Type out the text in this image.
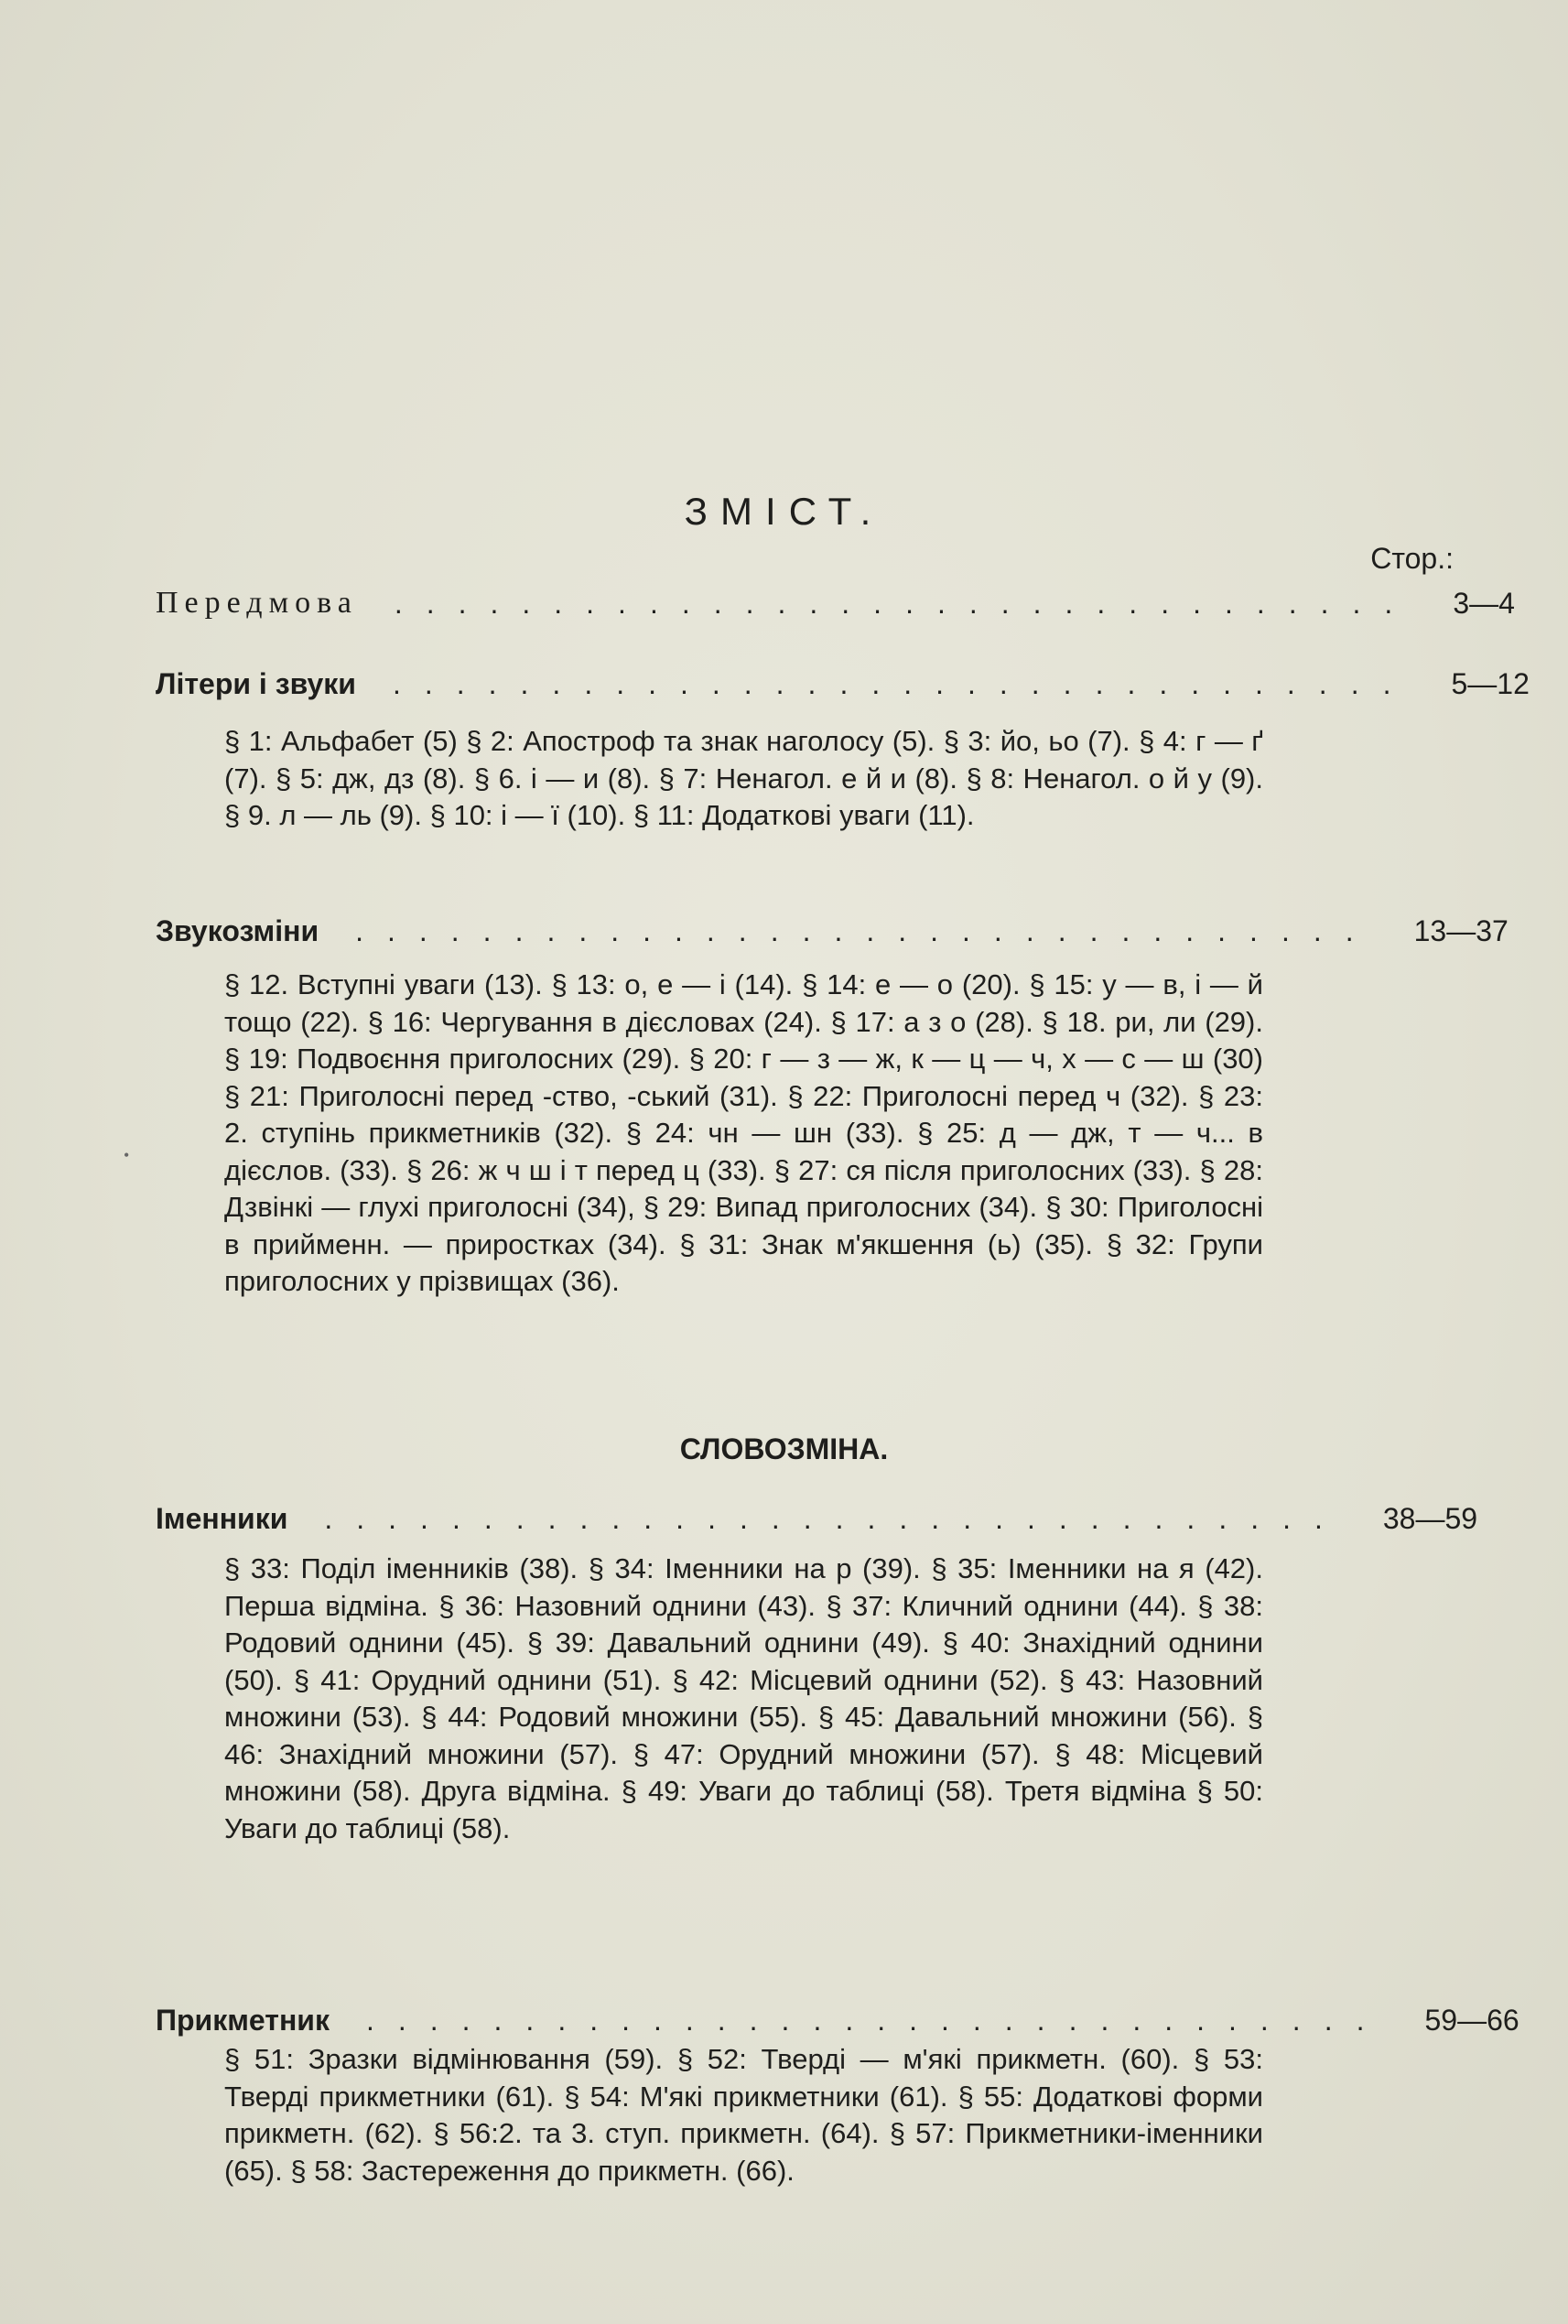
ЗМІСТ.
Стор.:
Передмова	................................ 3—4
Літери і звуки	................................ 5—12
§ 1: Альфабет (5) § 2: Апостроф та знак наголосу (5). § 3: йо, ьо (7). § 4: г — ґ (7). § 5: дж, дз (8). § 6. і — и (8). § 7: Ненагол. е й и (8). § 8: Ненагол. о й у (9). § 9. л — ль (9). § 10: і — ї (10). § 11: Додаткові уваги (11).
Звукозміни	................................ 13—37
§ 12. Вступні уваги (13). § 13: о, е — і (14). § 14: е — о (20). § 15: у — в, і — й тощо (22). § 16: Чергування в дієсловах (24). § 17: а з о (28). § 18. ри, ли (29). § 19: Подвоєння приголосних (29). § 20: г — з — ж, к — ц — ч, х — с — ш (30) § 21: Приголосні перед -ство, -ський (31). § 22: Приголосні перед ч (32). § 23: 2. ступінь прикметників (32). § 24: чн — шн (33). § 25: д — дж, т — ч... в дієслов. (33). § 26: ж ч ш і т перед ц (33). § 27: ся після приголосних (33). § 28: Дзвінкі — глухі приголосні (34), § 29: Випад приголосних (34). § 30: Приголосні в прийменн. — приростках (34). § 31: Знак м'якшення (ь) (35). § 32: Групи приголосних у прізвищах (36).
•
СЛОВОЗМІНА.
Іменники	................................ 38—59
§ 33: Поділ іменників (38). § 34: Іменники на р (39). § 35: Іменники на я (42). Перша відміна. § 36: Назовний однини (43). § 37: Кличний однини (44). § 38: Родовий однини (45). § 39: Давальний однини (49). § 40: Знахідний однини (50). § 41: Орудний однини (51). § 42: Місцевий однини (52). § 43: Назовний множини (53). § 44: Родовий множини (55). § 45: Давальний множини (56). § 46: Знахідний множини (57). § 47: Орудний множини (57). § 48: Місцевий множини (58). Друга відміна. § 49: Уваги до таблиці (58). Третя відміна § 50: Уваги до таблиці (58).
Прикметник	................................ 59—66
§ 51: Зразки відмінювання (59). § 52: Тверді — м'які прикметн. (60). § 53: Тверді прикметники (61). § 54: М'які прикметники (61). § 55: Додаткові форми прикметн. (62). § 56:2. та 3. ступ. прикметн. (64). § 57: Прикметники-іменники (65). § 58: Застереження до прикметн. (66).
